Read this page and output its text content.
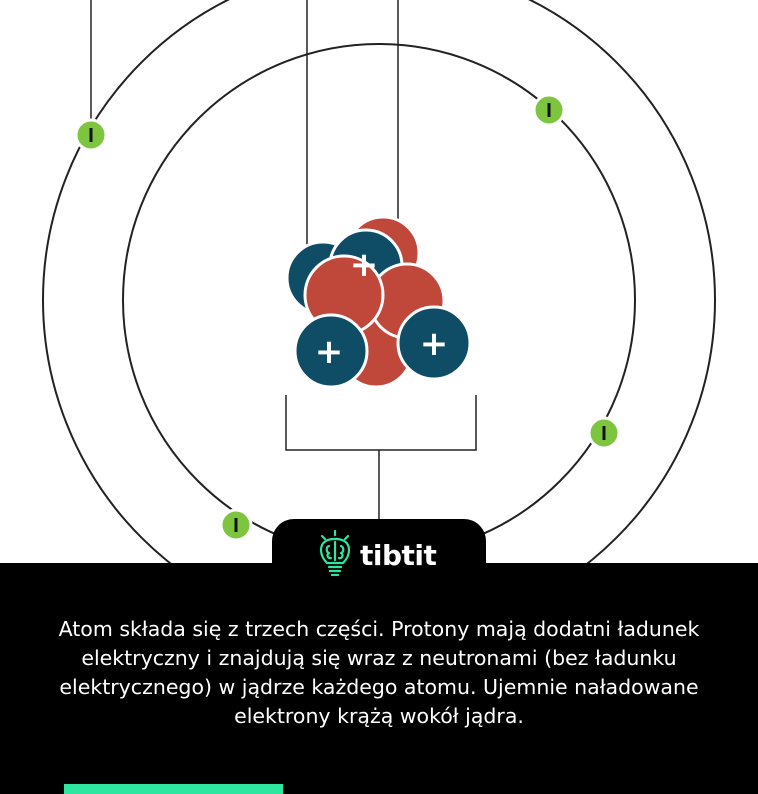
+
+ +
tibtit

Atom składa się z trzech części. Protony mają dodatni ładunek elektryczny i znajdują się wraz z neutronami (bez ładunku elektrycznego) w jądrze każdego atomu. Ujemnie naładowane elektrony krążą wokół jądra.
